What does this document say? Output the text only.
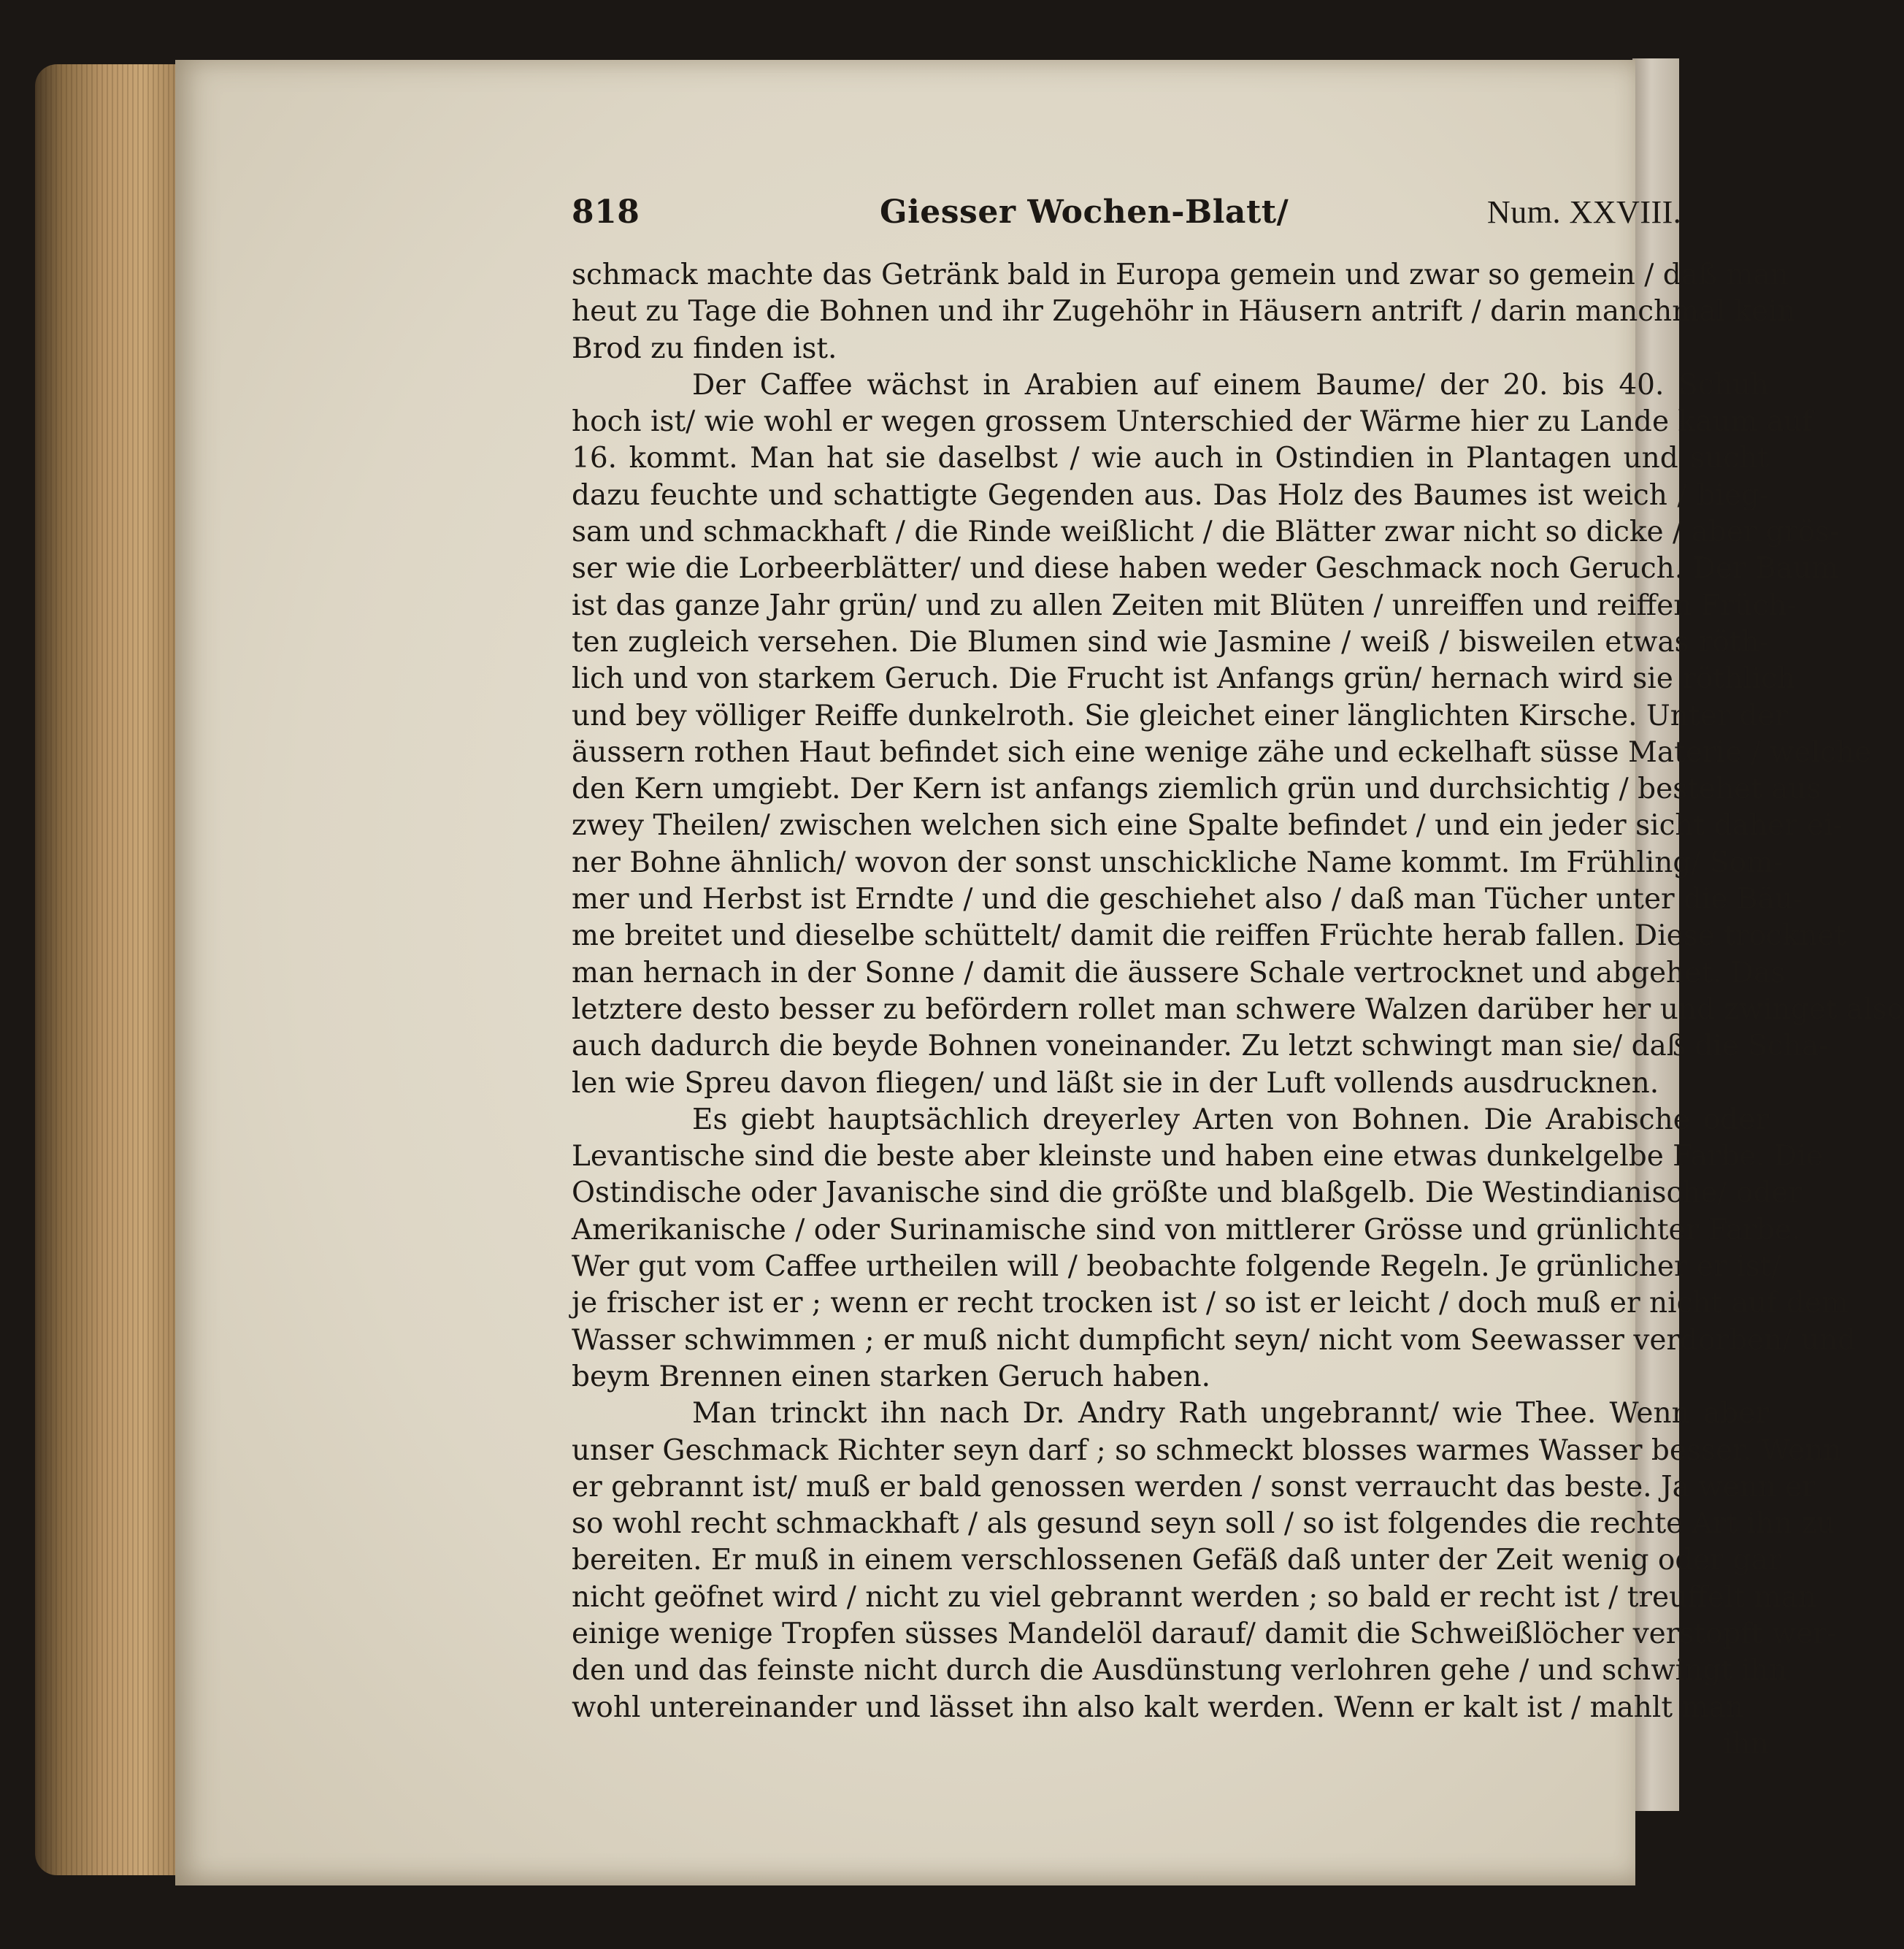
818	Giesser Wochen-Blatt/	Num. XXVIII.
schmack machte das Getränk bald in Europa gemein und zwar so gemein / daß man
heut zu Tage die Bohnen und ihr Zugehöhr in Häusern antrift / darin manchmal kein
Brod zu finden ist.
Der Caffee wächst in Arabien auf einem Baume/ der 20. bis 40. Schuh
hoch ist/ wie wohl er wegen grossem Unterschied der Wärme hier zu Lande kaum auf
16. kommt. Man hat sie daselbst / wie auch in Ostindien in Plantagen und sucht
dazu feuchte und schattigte Gegenden aus. Das Holz des Baumes ist weich / bieg-
sam und schmackhaft / die Rinde weißlicht / die Blätter zwar nicht so dicke / aber grös-
ser wie die Lorbeerblätter/ und diese haben weder Geschmack noch Geruch. Der Baum
ist das ganze Jahr grün/ und zu allen Zeiten mit Blüten / unreiffen und reiffen Früch-
ten zugleich versehen. Die Blumen sind wie Jasmine / weiß / bisweilen etwas röth-
lich und von starkem Geruch. Die Frucht ist Anfangs grün/ hernach wird sie röthlich
und bey völliger Reiffe dunkelroth. Sie gleichet einer länglichten Kirsche. Unter der
äussern rothen Haut befindet sich eine wenige zähe und eckelhaft süsse Materie / welche
den Kern umgiebt. Der Kern ist anfangs ziemlich grün und durchsichtig / bestehet aus
zwey Theilen/ zwischen welchen sich eine Spalte befindet / und ein jeder sicht daher ei-
ner Bohne ähnlich/ wovon der sonst unschickliche Name kommt. Im Frühling/ Som-
mer und Herbst ist Erndte / und die geschiehet also / daß man Tücher unter die Bäu-
me breitet und dieselbe schüttelt/ damit die reiffen Früchte herab fallen. Diese trocknet
man hernach in der Sonne / damit die äussere Schale vertrocknet und abgehet. Das
letztere desto besser zu befördern rollet man schwere Walzen darüber her und zwinget also
auch dadurch die beyde Bohnen voneinander. Zu letzt schwingt man sie/ daß die Scha-
len wie Spreu davon fliegen/ und läßt sie in der Luft vollends ausdrucknen.
Es giebt hauptsächlich dreyerley Arten von Bohnen. Die Arabische oder
Levantische sind die beste aber kleinste und haben eine etwas dunkelgelbe Farbe. Die
Ostindische oder Javanische sind die größte und blaßgelb. Die Westindianische/ oder
Amerikanische / oder Surinamische sind von mittlerer Grösse und grünlichter Farbe.
Wer gut vom Caffee urtheilen will / beobachte folgende Regeln. Je grünlicher er ist/
je frischer ist er ; wenn er recht trocken ist / so ist er leicht / doch muß er nicht auf dem
Wasser schwimmen ; er muß nicht dumpficht seyn/ nicht vom Seewasser verdorben/ und
beym Brennen einen starken Geruch haben.
Man trinckt ihn nach Dr. Andry Rath ungebrannt/ wie Thee. Wenn aber
unser Geschmack Richter seyn darf ; so schmeckt blosses warmes Wasser besser. Wenn
er gebrannt ist/ muß er bald genossen werden / sonst verraucht das beste. Ja wenn er
so wohl recht schmackhaft / als gesund seyn soll / so ist folgendes die rechte Art ihn zu
bereiten. Er muß in einem verschlossenen Gefäß daß unter der Zeit wenig oder gar
nicht geöfnet wird / nicht zu viel gebrannt werden ; so bald er recht ist / treuffelt man
einige wenige Tropfen süsses Mandelöl darauf/ damit die Schweißlöcher verstopft wer-
den und das feinste nicht durch die Ausdünstung verlohren gehe / und schwingt ihn
wohl untereinander und lässet ihn also kalt werden. Wenn er kalt ist / mahlt man
ihn
